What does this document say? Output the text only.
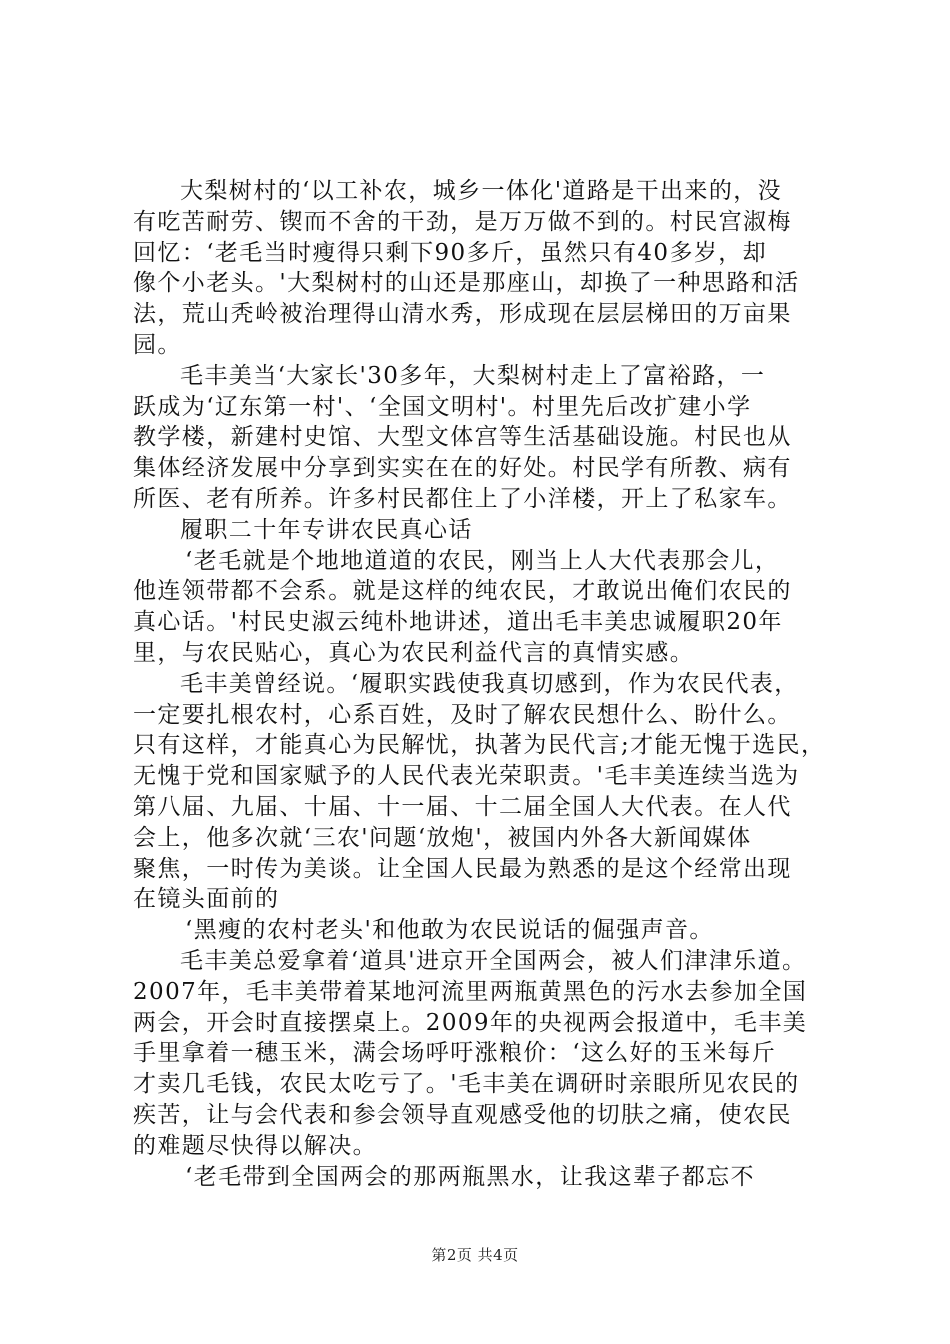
大梨树村的‘以工补农，城乡一体化'道路是干出来的，没
有吃苦耐劳、锲而不舍的干劲，是万万做不到的。村民宫淑梅
回忆：‘老毛当时瘦得只剩下90多斤，虽然只有40多岁，却
像个小老头。'大梨树村的山还是那座山，却换了一种思路和活
法，荒山秃岭被治理得山清水秀，形成现在层层梯田的万亩果
园。
毛丰美当‘大家长'30多年，大梨树村走上了富裕路，一
跃成为‘辽东第一村'、‘全国文明村'。村里先后改扩建小学
教学楼，新建村史馆、大型文体宫等生活基础设施。村民也从
集体经济发展中分享到实实在在的好处。村民学有所教、病有
所医、老有所养。许多村民都住上了小洋楼，开上了私家车。
履职二十年专讲农民真心话
‘老毛就是个地地道道的农民，刚当上人大代表那会儿，
他连领带都不会系。就是这样的纯农民，才敢说出俺们农民的
真心话。'村民史淑云纯朴地讲述，道出毛丰美忠诚履职20年
里，与农民贴心，真心为农民利益代言的真情实感。
毛丰美曾经说。‘履职实践使我真切感到，作为农民代表，
一定要扎根农村，心系百姓，及时了解农民想什么、盼什么。
只有这样，才能真心为民解忧，执著为民代言;才能无愧于选民，
无愧于党和国家赋予的人民代表光荣职责。'毛丰美连续当选为
第八届、九届、十届、十一届、十二届全国人大代表。在人代
会上，他多次就‘三农'问题‘放炮'，被国内外各大新闻媒体
聚焦，一时传为美谈。让全国人民最为熟悉的是这个经常出现
在镜头面前的
‘黑瘦的农村老头'和他敢为农民说话的倔强声音。
毛丰美总爱拿着‘道具'进京开全国两会，被人们津津乐道。
2007年，毛丰美带着某地河流里两瓶黄黑色的污水去参加全国
两会，开会时直接摆桌上。2009年的央视两会报道中，毛丰美
手里拿着一穗玉米，满会场呼吁涨粮价：‘这么好的玉米每斤
才卖几毛钱，农民太吃亏了。'毛丰美在调研时亲眼所见农民的
疾苦，让与会代表和参会领导直观感受他的切肤之痛，使农民
的难题尽快得以解决。
‘老毛带到全国两会的那两瓶黑水，让我这辈子都忘不
第2页 共4页
